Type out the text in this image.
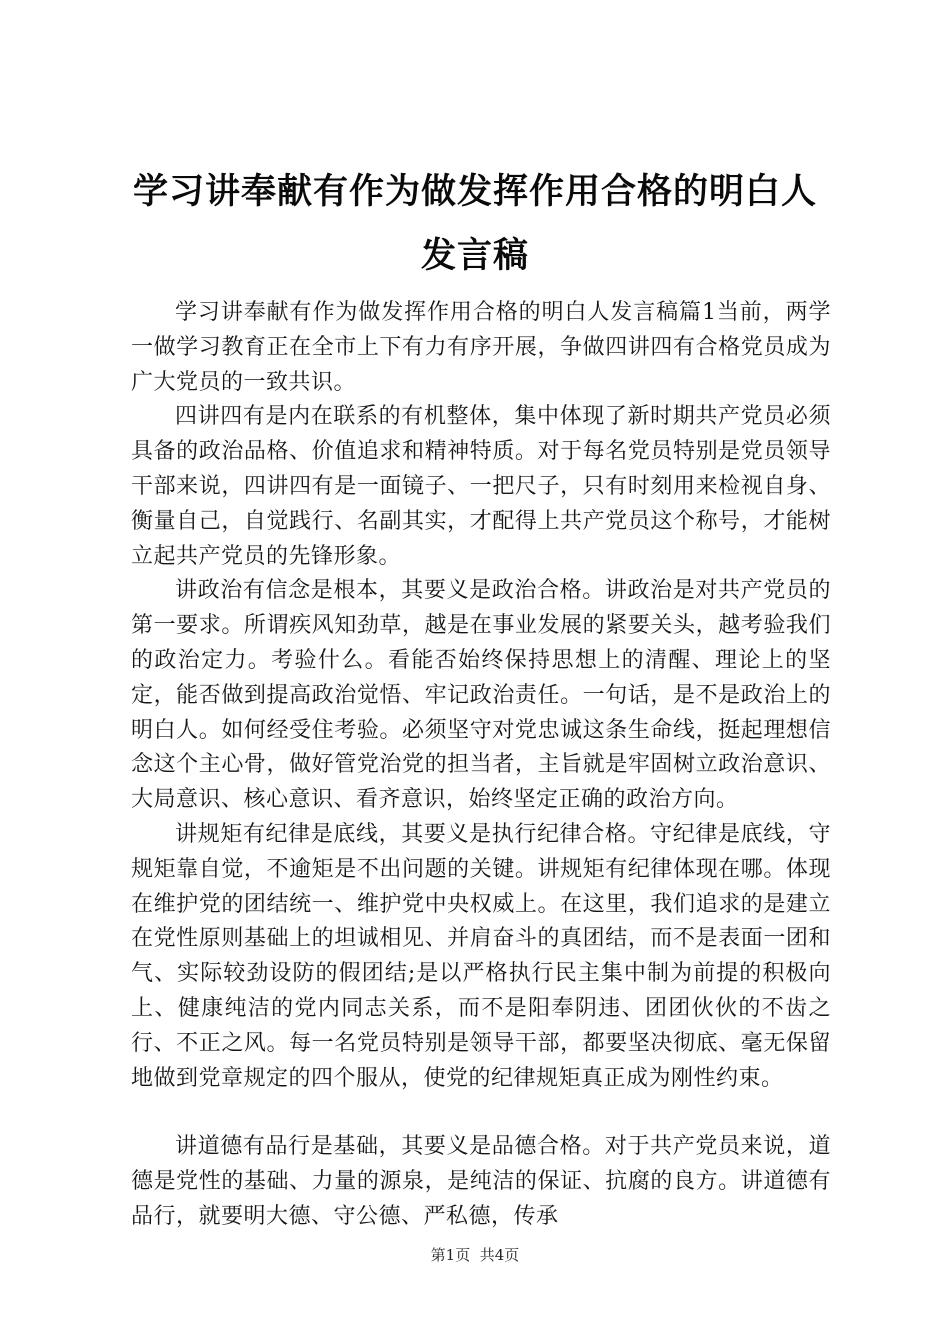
学习讲奉献有作为做发挥作用合格的明白人发言稿

学习讲奉献有作为做发挥作用合格的明白人发言稿篇1当前，两学一做学习教育正在全市上下有力有序开展，争做四讲四有合格党员成为广大党员的一致共识。

四讲四有是内在联系的有机整体，集中体现了新时期共产党员必须具备的政治品格、价值追求和精神特质。对于每名党员特别是党员领导干部来说，四讲四有是一面镜子、一把尺子，只有时刻用来检视自身、衡量自己，自觉践行、名副其实，才配得上共产党员这个称号，才能树立起共产党员的先锋形象。

讲政治有信念是根本，其要义是政治合格。讲政治是对共产党员的第一要求。所谓疾风知劲草，越是在事业发展的紧要关头，越考验我们的政治定力。考验什么。看能否始终保持思想上的清醒、理论上的坚定，能否做到提高政治觉悟、牢记政治责任。一句话，是不是政治上的明白人。如何经受住考验。必须坚守对党忠诚这条生命线，挺起理想信念这个主心骨，做好管党治党的担当者，主旨就是牢固树立政治意识、大局意识、核心意识、看齐意识，始终坚定正确的政治方向。

讲规矩有纪律是底线，其要义是执行纪律合格。守纪律是底线，守规矩靠自觉，不逾矩是不出问题的关键。讲规矩有纪律体现在哪。体现在维护党的团结统一、维护党中央权威上。在这里，我们追求的是建立在党性原则基础上的坦诚相见、并肩奋斗的真团结，而不是表面一团和气、实际较劲设防的假团结;是以严格执行民主集中制为前提的积极向上、健康纯洁的党内同志关系，而不是阳奉阴违、团团伙伙的不齿之行、不正之风。每一名党员特别是领导干部，都要坚决彻底、毫无保留地做到党章规定的四个服从，使党的纪律规矩真正成为刚性约束。

讲道德有品行是基础，其要义是品德合格。对于共产党员来说，道德是党性的基础、力量的源泉，是纯洁的保证、抗腐的良方。讲道德有品行，就要明大德、守公德、严私德，传承

第1页 共4页
